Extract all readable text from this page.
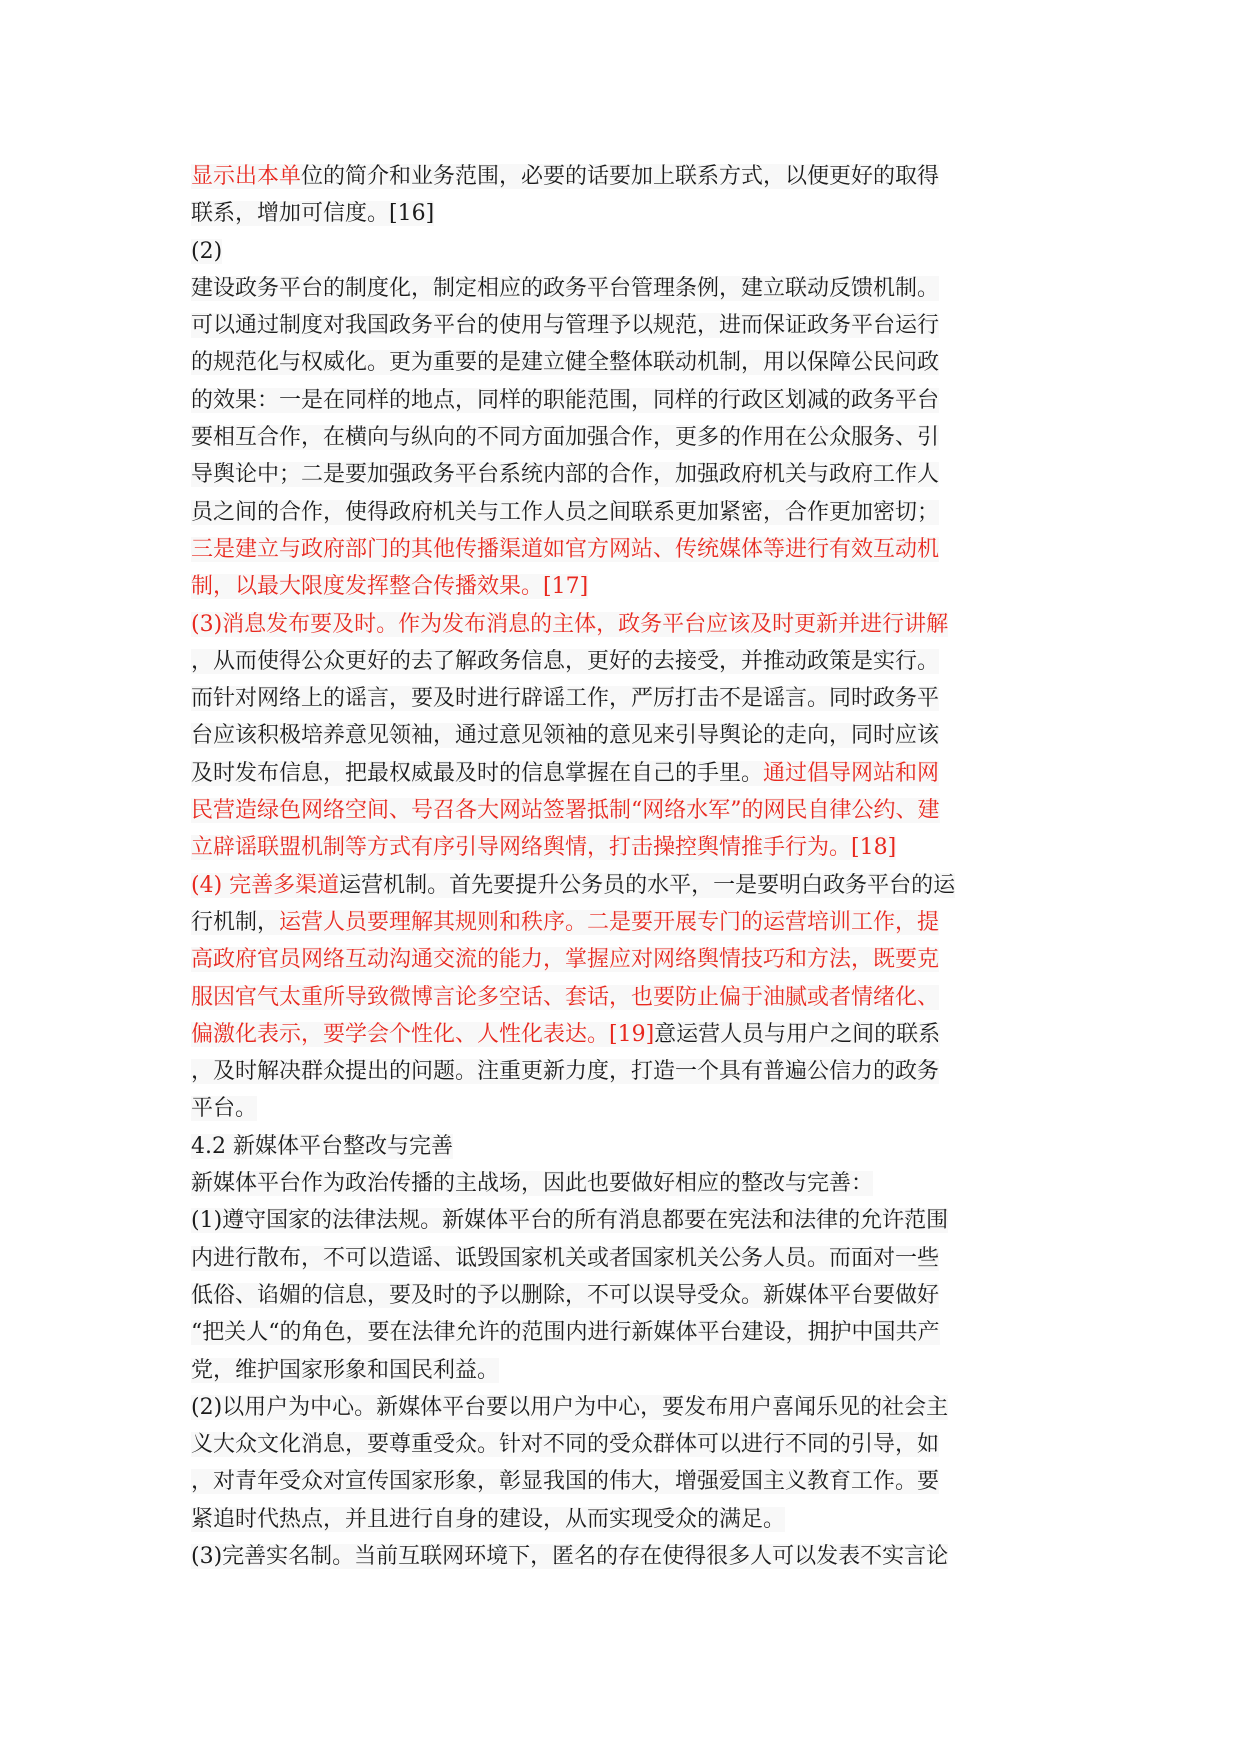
显示出本单位的简介和业务范围，必要的话要加上联系方式，以便更好的取得
联系，增加可信度。[16]
(2)
建设政务平台的制度化，制定相应的政务平台管理条例，建立联动反馈机制。
可以通过制度对我国政务平台的使用与管理予以规范，进而保证政务平台运行
的规范化与权威化。更为重要的是建立健全整体联动机制，用以保障公民问政
的效果：一是在同样的地点，同样的职能范围，同样的行政区划减的政务平台
要相互合作，在横向与纵向的不同方面加强合作，更多的作用在公众服务、引
导舆论中；二是要加强政务平台系统内部的合作，加强政府机关与政府工作人
员之间的合作，使得政府机关与工作人员之间联系更加紧密，合作更加密切；
三是建立与政府部门的其他传播渠道如官方网站、传统媒体等进行有效互动机
制，以最大限度发挥整合传播效果。[17]
(3)消息发布要及时。作为发布消息的主体，政务平台应该及时更新并进行讲解
，从而使得公众更好的去了解政务信息，更好的去接受，并推动政策是实行。
而针对网络上的谣言，要及时进行辟谣工作，严厉打击不是谣言。同时政务平
台应该积极培养意见领袖，通过意见领袖的意见来引导舆论的走向，同时应该
及时发布信息，把最权威最及时的信息掌握在自己的手里。通过倡导网站和网
民营造绿色网络空间、号召各大网站签署抵制“网络水军”的网民自律公约、建
立辟谣联盟机制等方式有序引导网络舆情，打击操控舆情推手行为。[18]
(4) 完善多渠道运营机制。首先要提升公务员的水平，一是要明白政务平台的运
行机制，运营人员要理解其规则和秩序。二是要开展专门的运营培训工作，提
高政府官员网络互动沟通交流的能力，掌握应对网络舆情技巧和方法，既要克
服因官气太重所导致微博言论多空话、套话，也要防止偏于油腻或者情绪化、
偏激化表示，要学会个性化、人性化表达。[19]意运营人员与用户之间的联系
，及时解决群众提出的问题。注重更新力度，打造一个具有普遍公信力的政务
平台。
4.2 新媒体平台整改与完善
新媒体平台作为政治传播的主战场，因此也要做好相应的整改与完善：
(1)遵守国家的法律法规。新媒体平台的所有消息都要在宪法和法律的允许范围
内进行散布，不可以造谣、诋毁国家机关或者国家机关公务人员。而面对一些
低俗、谄媚的信息，要及时的予以删除，不可以误导受众。新媒体平台要做好
“把关人“的角色，要在法律允许的范围内进行新媒体平台建设，拥护中国共产
党，维护国家形象和国民利益。
(2)以用户为中心。新媒体平台要以用户为中心，要发布用户喜闻乐见的社会主
义大众文化消息，要尊重受众。针对不同的受众群体可以进行不同的引导，如
，对青年受众对宣传国家形象，彰显我国的伟大，增强爱国主义教育工作。要
紧追时代热点，并且进行自身的建设，从而实现受众的满足。
(3)完善实名制。当前互联网环境下，匿名的存在使得很多人可以发表不实言论
